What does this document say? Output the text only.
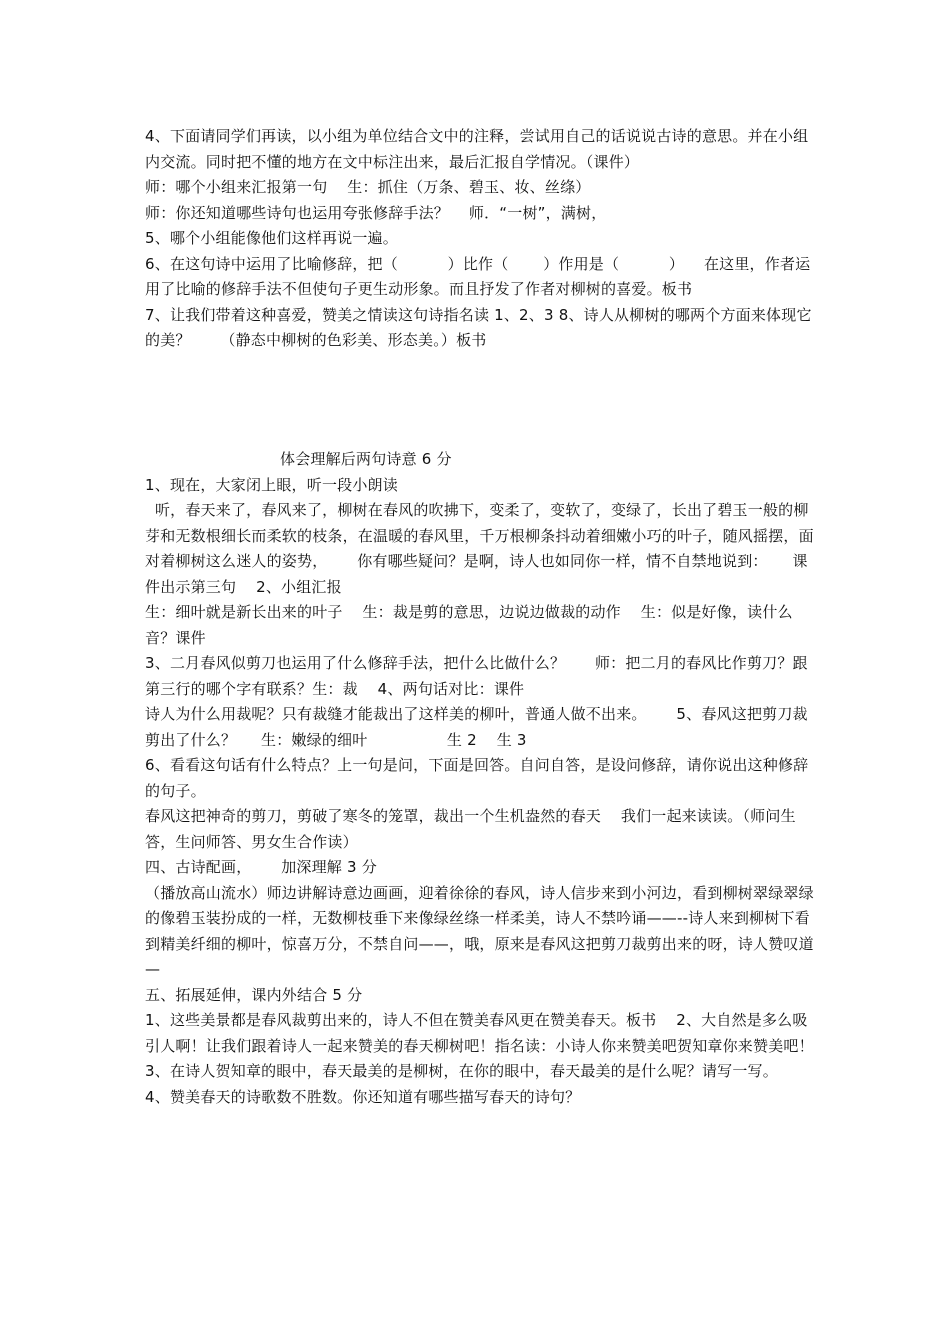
4、下面请同学们再读，以小组为单位结合文中的注释，尝试用自己的话说说古诗的意思。并在小组内交流。同时把不懂的地方在文中标注出来，最后汇报自学情况。（课件）

师：哪个小组来汇报第一句    生：抓住（万条、碧玉、妆、丝绦）

师：你还知道哪些诗句也运用夸张修辞手法？    师．“一树”，满树，

5、哪个小组能像他们这样再说一遍。

6、在这句诗中运用了比喻修辞，把（          ）比作（       ）作用是（          ）    在这里，作者运用了比喻的修辞手法不但使句子更生动形象。而且抒发了作者对柳树的喜爱。板书

7、让我们带着这种喜爱，赞美之情读这句诗指名读 1、2、3 8、诗人从柳树的哪两个方面来体现它的美？      （静态中柳树的色彩美、形态美。）板书

体会理解后两句诗意 6 分

1、现在，大家闭上眼，听一段小朗读

听，春天来了，春风来了，柳树在春风的吹拂下，变柔了，变软了，变绿了，长出了碧玉一般的柳芽和无数根细长而柔软的枝条，在温暖的春风里，千万根柳条抖动着细嫩小巧的叶子，随风摇摆，面对着柳树这么迷人的姿势，      你有哪些疑问？是啊，诗人也如同你一样，情不自禁地说到：     课件出示第三句    2、小组汇报

生：细叶就是新长出来的叶子    生：裁是剪的意思，边说边做裁的动作    生：似是好像，读什么音？课件

3、二月春风似剪刀也运用了什么修辞手法，把什么比做什么？      师：把二月的春风比作剪刀？跟第三行的哪个字有联系？生：裁    4、两句话对比：课件

诗人为什么用裁呢？只有裁缝才能裁出了这样美的柳叶，普通人做不出来。      5、春风这把剪刀裁剪出了什么？     生：嫩绿的细叶                生 2    生 3

6、看看这句话有什么特点？上一句是问，下面是回答。自问自答，是设问修辞，请你说出这种修辞的句子。

春风这把神奇的剪刀，剪破了寒冬的笼罩，裁出一个生机盎然的春天    我们一起来读读。（师问生答，生问师答、男女生合作读）

四、古诗配画，      加深理解 3 分

（播放高山流水）师边讲解诗意边画画，迎着徐徐的春风，诗人信步来到小河边，看到柳树翠绿翠绿的像碧玉装扮成的一样，无数柳枝垂下来像绿丝绦一样柔美，诗人不禁吟诵——--诗人来到柳树下看到精美纤细的柳叶，惊喜万分，不禁自问——，哦，原来是春风这把剪刀裁剪出来的呀，诗人赞叹道—

五、拓展延伸，课内外结合 5 分

1、这些美景都是春风裁剪出来的，诗人不但在赞美春风更在赞美春天。板书    2、大自然是多么吸引人啊！让我们跟着诗人一起来赞美的春天柳树吧！指名读：小诗人你来赞美吧贺知章你来赞美吧！

3、在诗人贺知章的眼中，春天最美的是柳树，在你的眼中，春天最美的是什么呢？请写一写。

4、赞美春天的诗歌数不胜数。你还知道有哪些描写春天的诗句？
